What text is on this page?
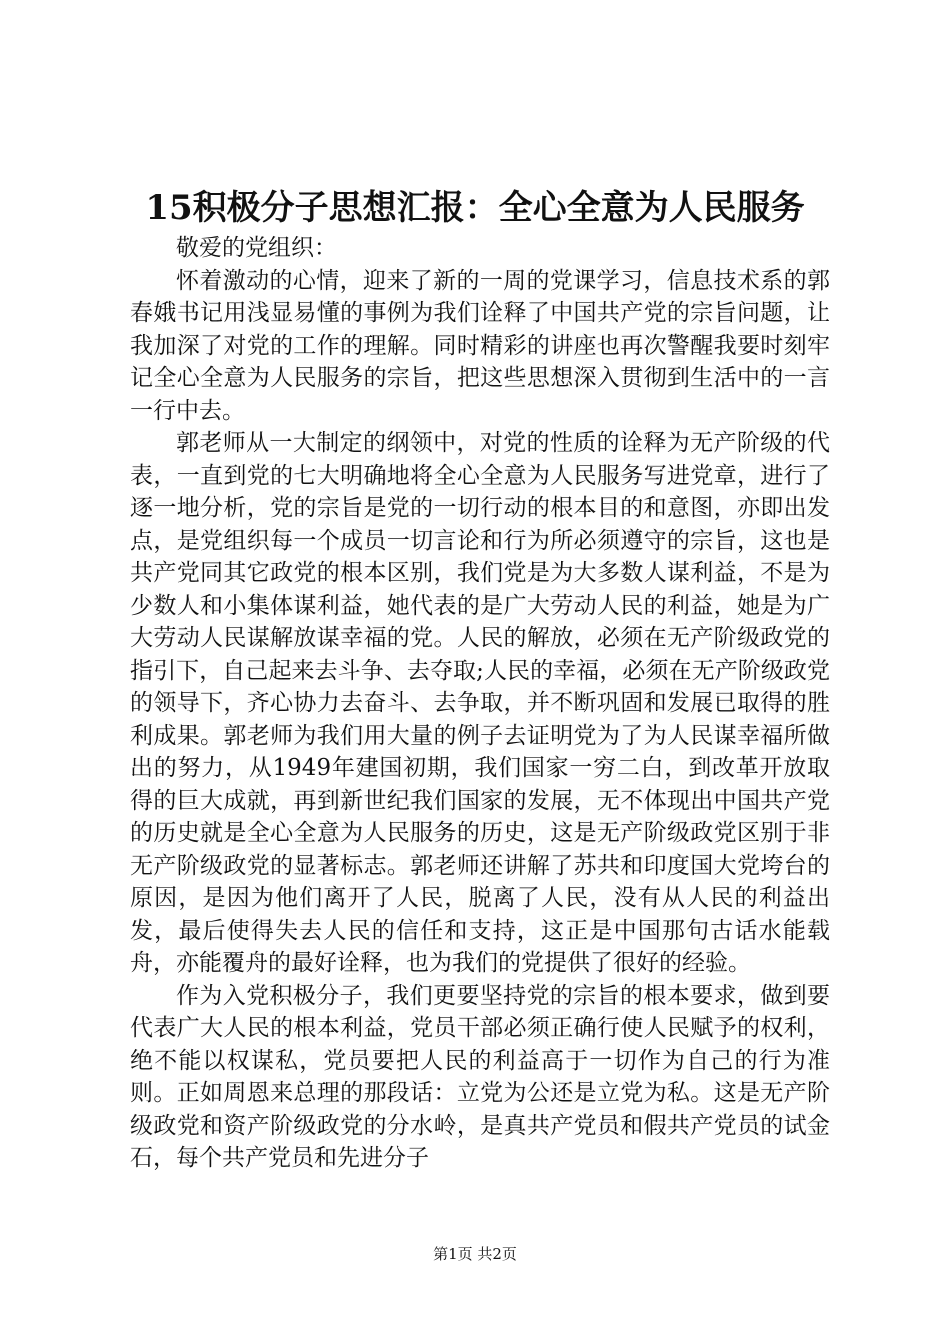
15积极分子思想汇报：全心全意为人民服务

敬爱的党组织：

怀着激动的心情，迎来了新的一周的党课学习，信息技术系的郭春娥书记用浅显易懂的事例为我们诠释了中国共产党的宗旨问题，让我加深了对党的工作的理解。同时精彩的讲座也再次警醒我要时刻牢记全心全意为人民服务的宗旨，把这些思想深入贯彻到生活中的一言一行中去。

郭老师从一大制定的纲领中，对党的性质的诠释为无产阶级的代表，一直到党的七大明确地将全心全意为人民服务写进党章，进行了逐一地分析，党的宗旨是党的一切行动的根本目的和意图，亦即出发点，是党组织每一个成员一切言论和行为所必须遵守的宗旨，这也是共产党同其它政党的根本区别，我们党是为大多数人谋利益，不是为少数人和小集体谋利益，她代表的是广大劳动人民的利益，她是为广大劳动人民谋解放谋幸福的党。人民的解放，必须在无产阶级政党的指引下，自己起来去斗争、去夺取;人民的幸福，必须在无产阶级政党的领导下，齐心协力去奋斗、去争取，并不断巩固和发展已取得的胜利成果。郭老师为我们用大量的例子去证明党为了为人民谋幸福所做出的努力，从1949年建国初期，我们国家一穷二白，到改革开放取得的巨大成就，再到新世纪我们国家的发展，无不体现出中国共产党的历史就是全心全意为人民服务的历史，这是无产阶级政党区别于非无产阶级政党的显著标志。郭老师还讲解了苏共和印度国大党垮台的原因，是因为他们离开了人民，脱离了人民，没有从人民的利益出发，最后使得失去人民的信任和支持，这正是中国那句古话水能载舟，亦能覆舟的最好诠释，也为我们的党提供了很好的经验。

作为入党积极分子，我们更要坚持党的宗旨的根本要求，做到要代表广大人民的根本利益，党员干部必须正确行使人民赋予的权利，绝不能以权谋私，党员要把人民的利益高于一切作为自己的行为准则。正如周恩来总理的那段话：立党为公还是立党为私。这是无产阶级政党和资产阶级政党的分水岭，是真共产党员和假共产党员的试金石，每个共产党员和先进分子

第1页 共2页
